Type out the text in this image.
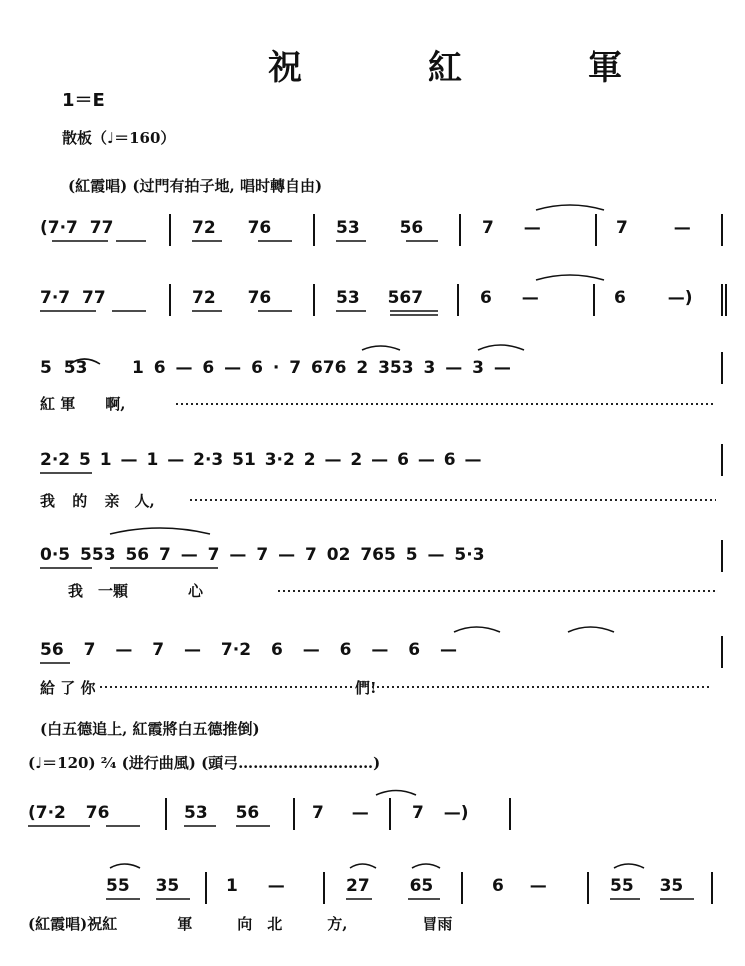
祝　紅　軍
1＝E
散板（♩＝160）
(紅霞唱) (过門有拍子地, 唱时轉自由)
(7·7 77	72 76	53 56	7 —	7 —
7·7 77	72 76	53 567	6 —	6 —)
5 53	1 6 — 6 — 6 · 7 676 2 353 3 — 3 —
紅 軍　　啊,
2·2 5 1 — 1 — 2·3 51 3·2 2 — 2 — 6 — 6 —
我 的 亲　人,
0·5 553 56 7 — 7 — 7 — 7 02 765 5 — 5·3
我　一顆　　　　心
56 7 — 7 — 7·2 6 — 6 — 6 —
給 了 你	們!
(白五德追上, 紅霞將白五德推倒)
(♩＝120) ²⁄₄ (进行曲風) (頭弓………………………)
(7·2 76	53 56	7 —	7 —)
55 35	1 —	27 65	6 —	55 35
(紅霞唱)祝紅　　　　軍　　　向　北　　　方,　　　　　冒雨
